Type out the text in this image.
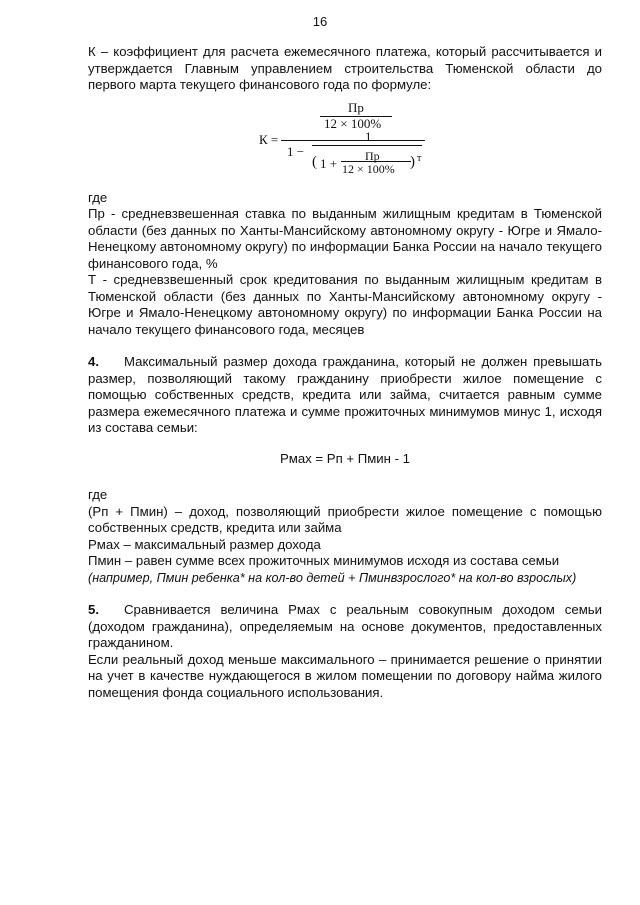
16

К – коэффициент для расчета ежемесячного платежа, который рассчитывается и утверждается Главным управлением строительства Тюменской области до первого марта текущего финансового года по формуле:

К =
Пр
12 × 100%
1 −
1
( 1 + Пр
12 × 100% ) т

где

Пр - средневзвешенная ставка по выданным жилищным кредитам в Тюменской области (без данных по Ханты-Мансийскому автономному округу - Югре и Ямало-Ненецкому автономному округу) по информации Банка России на начало текущего финансового года, %

Т - средневзвешенный срок кредитования по выданным жилищным кредитам в Тюменской области (без данных по Ханты-Мансийскому автономному округу - Югре и Ямало-Ненецкому автономному округу) по информации Банка России на начало текущего финансового года, месяцев

4. Максимальный размер дохода гражданина, который не должен превышать размер, позволяющий такому гражданину приобрести жилое помещение с помощью собственных средств, кредита или займа, считается равным сумме размера ежемесячного платежа и сумме прожиточных минимумов минус 1, исходя из состава семьи:

Рмах = Рп + Пмин - 1

где

(Рп + Пмин) – доход, позволяющий приобрести жилое помещение с помощью собственных средств, кредита или займа

Рмах – максимальный размер дохода

Пмин – равен сумме всех прожиточных минимумов исходя из состава семьи

(например, Пмин ребенка* на кол-во детей + Пминвзрослого* на кол-во взрослых)

5. Сравнивается величина Рмах с реальным совокупным доходом семьи (доходом гражданина), определяемым на основе документов, предоставленных гражданином.

Если реальный доход меньше максимального – принимается решение о принятии на учет в качестве нуждающегося в жилом помещении по договору найма жилого помещения фонда социального использования.
